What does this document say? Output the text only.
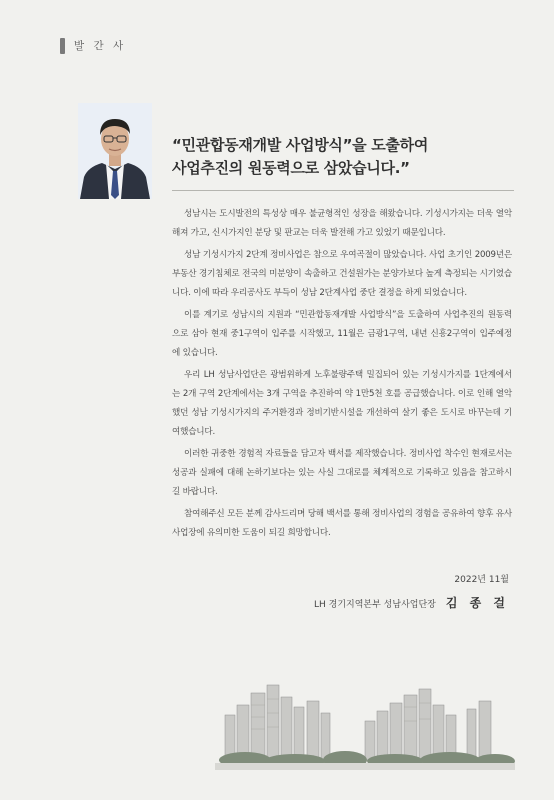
발 간 사
“민관합동재개발 사업방식”을 도출하여
사업추진의 원동력으로 삼았습니다.”

성남시는 도시발전의 특성상 매우 불균형적인 성장을 해왔습니다. 기성시가지는 더욱 열악해져 가고, 신시가지인 분당 및 판교는 더욱 발전해 가고 있었기 때문입니다.

성남 기성시가지 2단계 정비사업은 참으로 우여곡절이 많았습니다. 사업 초기인 2009년은 부동산 경기침체로 전국의 미분양이 속출하고 건설원가는 분양가보다 높게 측정되는 시기였습니다. 이에 따라 우리공사도 부득이 성남 2단계사업 중단 결정을 하게 되었습니다.

이를 계기로 성남시의 지원과 “민관합동재개발 사업방식”을 도출하여 사업추진의 원동력으로 삼아 현재 중1구역이 입주를 시작했고, 11월은 금광1구역, 내년 신흥2구역이 입주예정에 있습니다.

우리 LH 성남사업단은 광범위하게 노후불량주택 밀집되어 있는 기성시가지를 1단계에서는 2개 구역 2단계에서는 3개 구역을 추진하여 약 1만5천 호를 공급했습니다. 이로 인해 열악했던 성남 기성시가지의 주거환경과 정비기반시설을 개선하여 살기 좋은 도시로 바꾸는데 기여했습니다.

이러한 귀중한 경험적 자료들을 담고자 백서를 제작했습니다. 정비사업 착수인 현재로서는 성공과 실패에 대해 논하기보다는 있는 사실 그대로를 체계적으로 기록하고 있음을 참고하시길 바랍니다.

참여해주신 모든 분께 감사드리며 당해 백서를 통해 정비사업의 경험을 공유하여 향후 유사 사업장에 유의미한 도움이 되길 희망합니다.

2022년 11월
LH 경기지역본부 성남사업단장 김 종 걸
